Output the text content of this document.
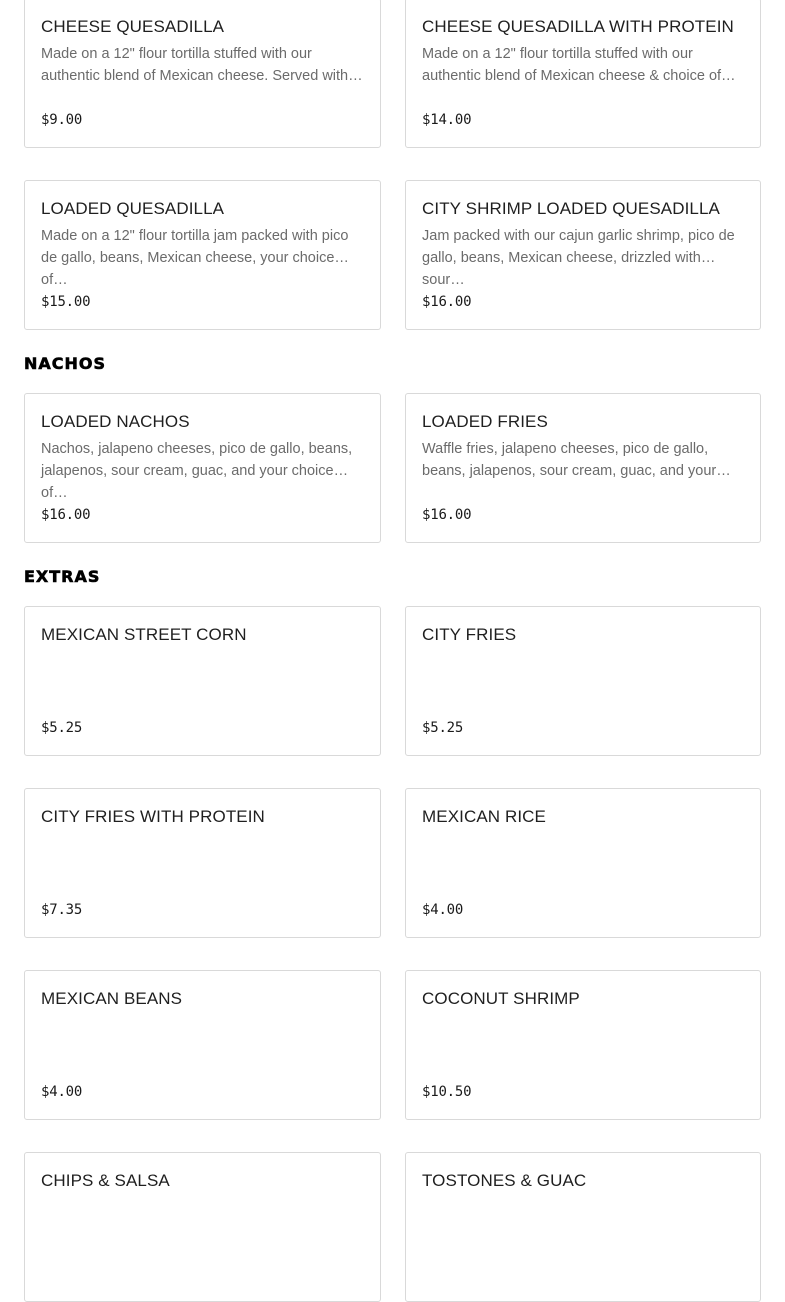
CHEESE QUESADILLA
Made on a 12" flour tortilla stuffed with our authentic blend of Mexican cheese. Served with…
$9.00
CHEESE QUESADILLA WITH PROTEIN
Made on a 12" flour tortilla stuffed with our authentic blend of Mexican cheese & choice of…
$14.00
LOADED QUESADILLA
Made on a 12" flour tortilla jam packed with pico de gallo, beans, Mexican cheese, your choice of…
$15.00
CITY SHRIMP LOADED QUESADILLA
Jam packed with our cajun garlic shrimp, pico de gallo, beans, Mexican cheese, drizzled with sour…
$16.00
NACHOS
LOADED NACHOS
Nachos, jalapeno cheeses, pico de gallo, beans, jalapenos, sour cream, guac, and your choice of…
$16.00
LOADED FRIES
Waffle fries, jalapeno cheeses, pico de gallo, beans, jalapenos, sour cream, guac, and your…
$16.00
EXTRAS
MEXICAN STREET CORN
$5.25
CITY FRIES
$5.25
CITY FRIES WITH PROTEIN
$7.35
MEXICAN RICE
$4.00
MEXICAN BEANS
$4.00
COCONUT SHRIMP
$10.50
CHIPS & SALSA	TOSTONES & GUAC
